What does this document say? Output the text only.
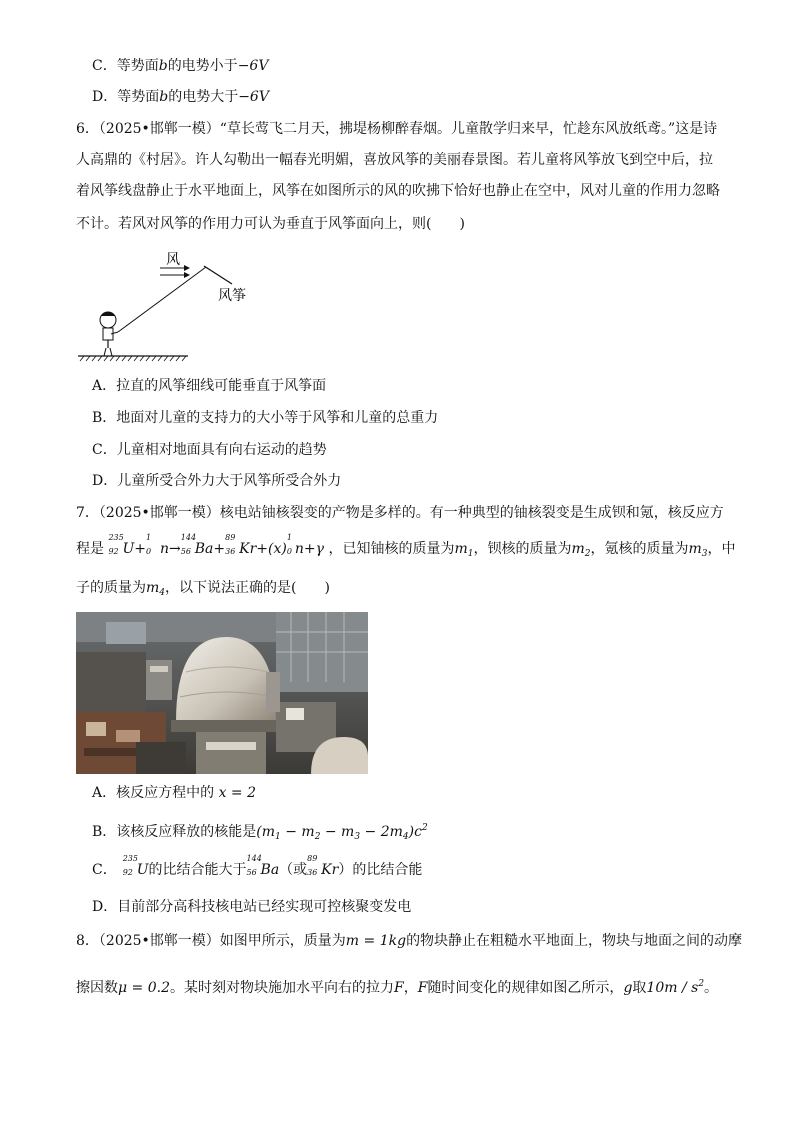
C．等势面b的电势小于−6V
D．等势面b的电势大于−6V
6．（2025•邯郸一模）“草长莺飞二月天，拂堤杨柳醉春烟。儿童散学归来早，忙趁东风放纸鸢。”这是诗
人高鼎的《村居》。许人勾勒出一幅春光明媚，喜放风筝的美丽春景图。若儿童将风筝放飞到空中后，拉
着风筝线盘静止于水平地面上，风筝在如图所示的风的吹拂下恰好也静止在空中，风对儿童的作用力忽略
不计。若风对风筝的作用力可认为垂直于风筝面向上，则(　　)
风
风筝
A．拉直的风筝细线可能垂直于风筝面
B．地面对儿童的支持力的大小等于风筝和儿童的总重力
C．儿童相对地面具有向右运动的趋势
D．儿童所受合外力大于风筝所受合外力
7．（2025•邯郸一模）核电站铀核裂变的产物是多样的。有一种典型的铀核裂变是生成钡和氪，核反应方
程是
235
92 U+
1
0 n→
144
56 Ba+
89
36 Kr+(x)
1
0 n+γ ，已知铀核的质量为$m_1$，钡核的质量为$m_2$，氪核的质量为$m_3$，中
子的质量为$m_4$，以下说法正确的是(　　)
A．核反应方程中的 x = 2
B．该核反应释放的核能是$(m_1 - m_2 - m_3 - 2m_4)c^2$
C．
235
92 U的比结合能大于
144
56 Ba（或
89
36 Kr）的比结合能
D．目前部分高科技核电站已经实现可控核聚变发电
8．（2025•邯郸一模）如图甲所示，质量为m = 1kg的物块静止在粗糙水平地面上，物块与地面之间的动摩
擦因数μ = 0.2。某时刻对物块施加水平向右的拉力F，F随时间变化的规律如图乙所示，g取$10m / s^2$。
